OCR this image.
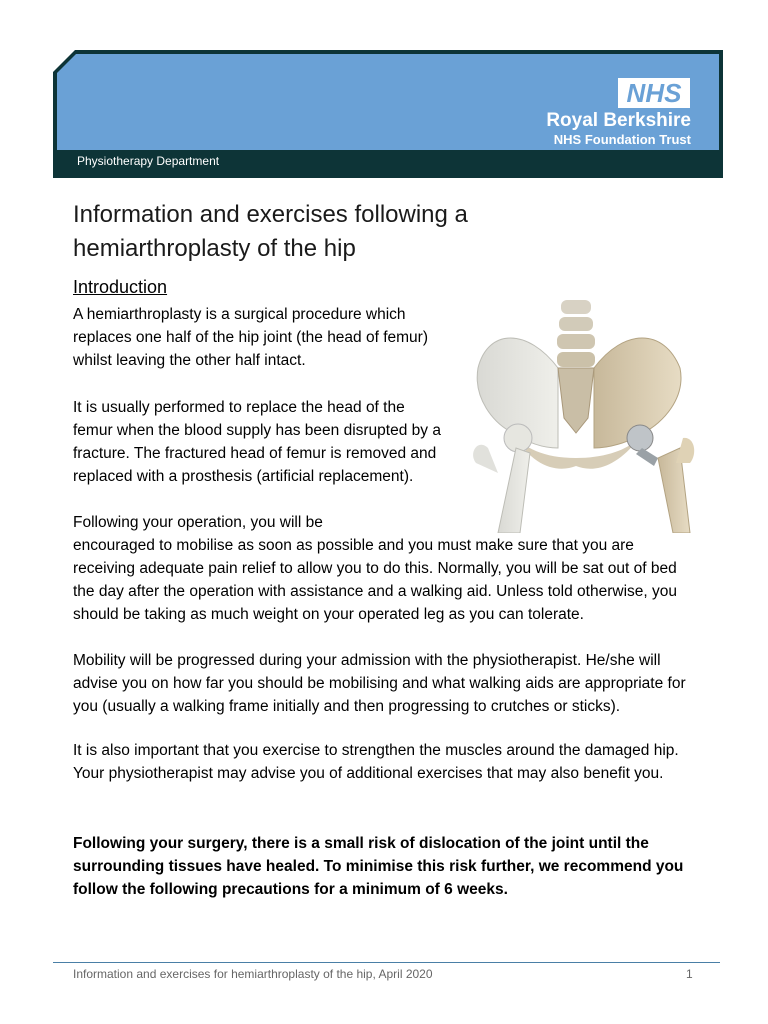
NHS
Royal Berkshire
NHS Foundation Trust
Physiotherapy Department
Information and exercises following a
hemiarthroplasty of the hip
Introduction

A hemiarthroplasty is a surgical procedure which replaces one half of the hip joint (the head of femur) whilst leaving the other half intact.

It is usually performed to replace the head of the femur when the blood supply has been disrupted by a fracture. The fractured head of femur is removed and replaced with a prosthesis (artificial replacement).

Following your operation, you will be

encouraged to mobilise as soon as possible and you must make sure that you are receiving adequate pain relief to allow you to do this. Normally, you will be sat out of bed the day after the operation with assistance and a walking aid. Unless told otherwise, you should be taking as much weight on your operated leg as you can tolerate.

Mobility will be progressed during your admission with the physiotherapist. He/she will advise you on how far you should be mobilising and what walking aids are appropriate for you (usually a walking frame initially and then progressing to crutches or sticks).

It is also important that you exercise to strengthen the muscles around the damaged hip. Your physiotherapist may advise you of additional exercises that may also benefit you.

Following your surgery, there is a small risk of dislocation of the joint until the surrounding tissues have healed. To minimise this risk further, we recommend you follow the following precautions for a minimum of 6 weeks.

Information and exercises for hemiarthroplasty of the hip, April 2020	1
